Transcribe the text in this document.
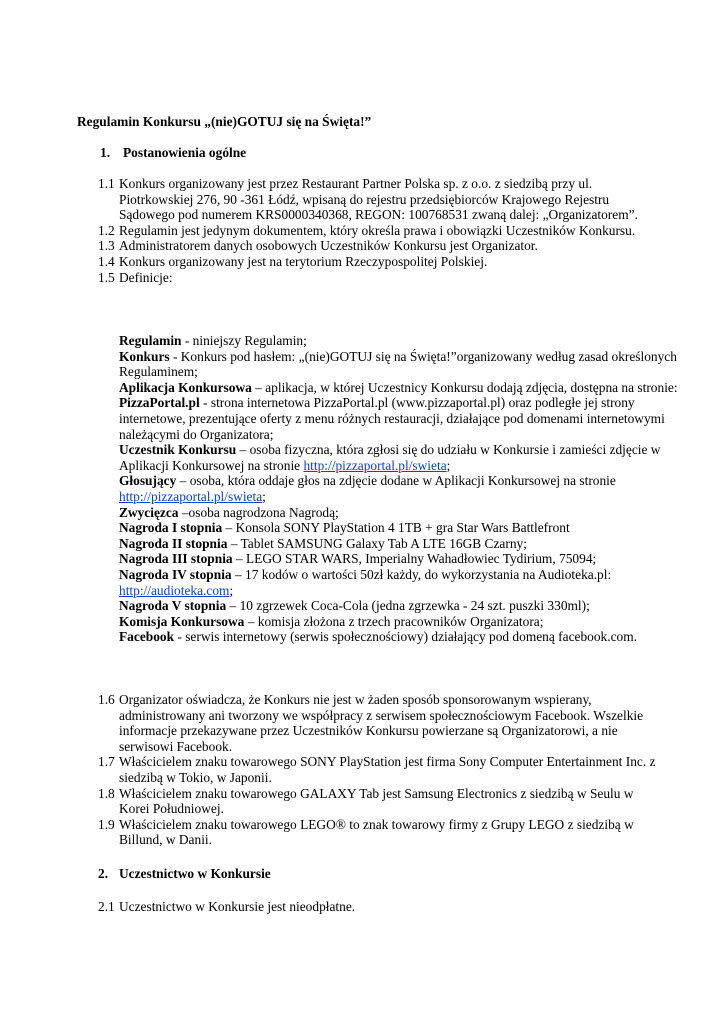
Regulamin Konkursu „(nie)GOTUJ się na Święta!”
1. Postanowienia ogólne
1.1 Konkurs organizowany jest przez Restaurant Partner Polska sp. z o.o. z siedzibą przy ul. Piotrkowskiej 276, 90 -361 Łódź, wpisaną do rejestru przedsiębiorców Krajowego Rejestru Sądowego pod numerem KRS0000340368, REGON: 100768531 zwaną dalej: „Organizatorem”.
1.2 Regulamin jest jedynym dokumentem, który określa prawa i obowiązki Uczestników Konkursu.
1.3 Administratorem danych osobowych Uczestników Konkursu jest Organizator.
1.4 Konkurs organizowany jest na terytorium Rzeczypospolitej Polskiej.
1.5 Definicje:
Regulamin - niniejszy Regulamin;
Konkurs - Konkurs pod hasłem: „(nie)GOTUJ się na Święta!”organizowany według zasad określonych Regulaminem;
Aplikacja Konkursowa – aplikacja, w której Uczestnicy Konkursu dodają zdjęcia, dostępna na stronie:
PizzaPortal.pl - strona internetowa PizzaPortal.pl (www.pizzaportal.pl) oraz podległe jej strony internetowe, prezentujące oferty z menu różnych restauracji, działające pod domenami internetowymi należącymi do Organizatora;
Uczestnik Konkursu – osoba fizyczna, która zgłosi się do udziału w Konkursie i zamieści zdjęcie w Aplikacji Konkursowej na stronie http://pizzaportal.pl/swieta;
Głosujący – osoba, która oddaje głos na zdjęcie dodane w Aplikacji Konkursowej na stronie http://pizzaportal.pl/swieta;
Zwycięzca –osoba nagrodzona Nagrodą;
Nagroda I stopnia – Konsola SONY PlayStation 4 1TB + gra Star Wars Battlefront
Nagroda II stopnia – Tablet SAMSUNG Galaxy Tab A LTE 16GB Czarny;
Nagroda III stopnia – LEGO STAR WARS, Imperialny Wahadłowiec Tydirium, 75094;
Nagroda IV stopnia – 17 kodów o wartości 50zł każdy, do wykorzystania na Audioteka.pl: http://audioteka.com;
Nagroda V stopnia – 10 zgrzewek Coca-Cola (jedna zgrzewka - 24 szt. puszki 330ml);
Komisja Konkursowa – komisja złożona z trzech pracowników Organizatora;
Facebook - serwis internetowy (serwis społecznościowy) działający pod domeną facebook.com.
1.6 Organizator oświadcza, że Konkurs nie jest w żaden sposób sponsorowanym wspierany, administrowany ani tworzony we współpracy z serwisem społecznościowym Facebook. Wszelkie informacje przekazywane przez Uczestników Konkursu powierzane są Organizatorowi, a nie serwisowi Facebook.
1.7 Właścicielem znaku towarowego SONY PlayStation jest firma Sony Computer Entertainment Inc. z siedzibą w Tokio, w Japonii.
1.8 Właścicielem znaku towarowego GALAXY Tab jest Samsung Electronics z siedzibą w Seulu w Korei Południowej.
1.9 Właścicielem znaku towarowego LEGO® to znak towarowy firmy z Grupy LEGO z siedzibą w Billund, w Danii.
2. Uczestnictwo w Konkursie
2.1 Uczestnictwo w Konkursie jest nieodpłatne.
